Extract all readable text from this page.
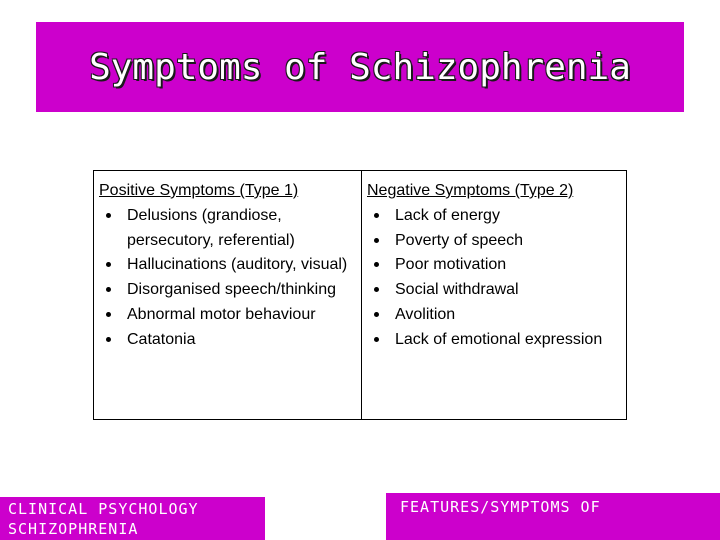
Symptoms of Schizophrenia
Positive Symptoms (Type 1)
Delusions (grandiose, persecutory, referential)
Hallucinations (auditory, visual)
Disorganised speech/thinking
Abnormal motor behaviour
Catatonia
Negative Symptoms (Type 2)
Lack of energy
Poverty of speech
Poor motivation
Social withdrawal
Avolition
Lack of emotional expression
CLINICAL PSYCHOLOGY SCHIZOPHRENIA
FEATURES/SYMPTOMS OF
